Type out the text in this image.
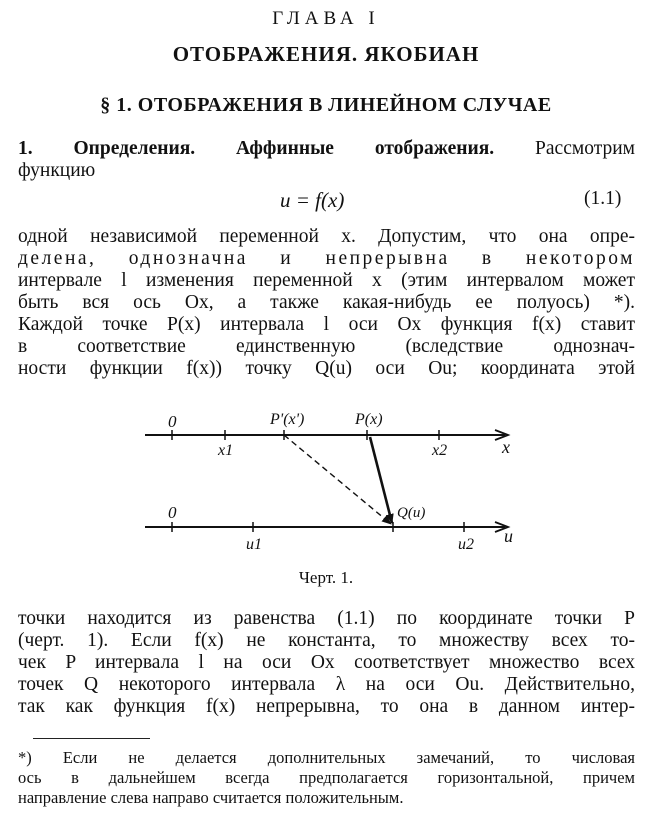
ГЛАВА I
ОТОБРАЖЕНИЯ. ЯКОБИАН
§ 1. ОТОБРАЖЕНИЯ В ЛИНЕЙНОМ СЛУЧАЕ
1. Определения. Аффинные отображения. Рассмотрим
функцию
u = f(x)	(1.1)
одной независимой переменной x. Допустим, что она опре-
делена, однозначна и непрерывна в некотором
интервале l изменения переменной x (этим интервалом может
быть вся ось Ox, а также какая-нибудь ее полуось) *).
Каждой точке P(x) интервала l оси Ox функция f(x) ставит
в соответствие единственную (вследствие однознач-
ности функции f(x)) точку Q(u) оси Ou; координата этой
0	P'(x')	P(x)
x1	x2	x
0	Q(u)
u1	u2 u
Черт. 1.
точки находится из равенства (1.1) по координате точки P
(черт. 1). Если f(x) не константа, то множеству всех то-
чек P интервала l на оси Ox соответствует множество всех
точек Q некоторого интервала λ на оси Ou. Действительно,
так как функция f(x) непрерывна, то она в данном интер-
*) Если не делается дополнительных замечаний, то числовая
ось в дальнейшем всегда предполагается горизонтальной, причем
направление слева направо считается положительным.
